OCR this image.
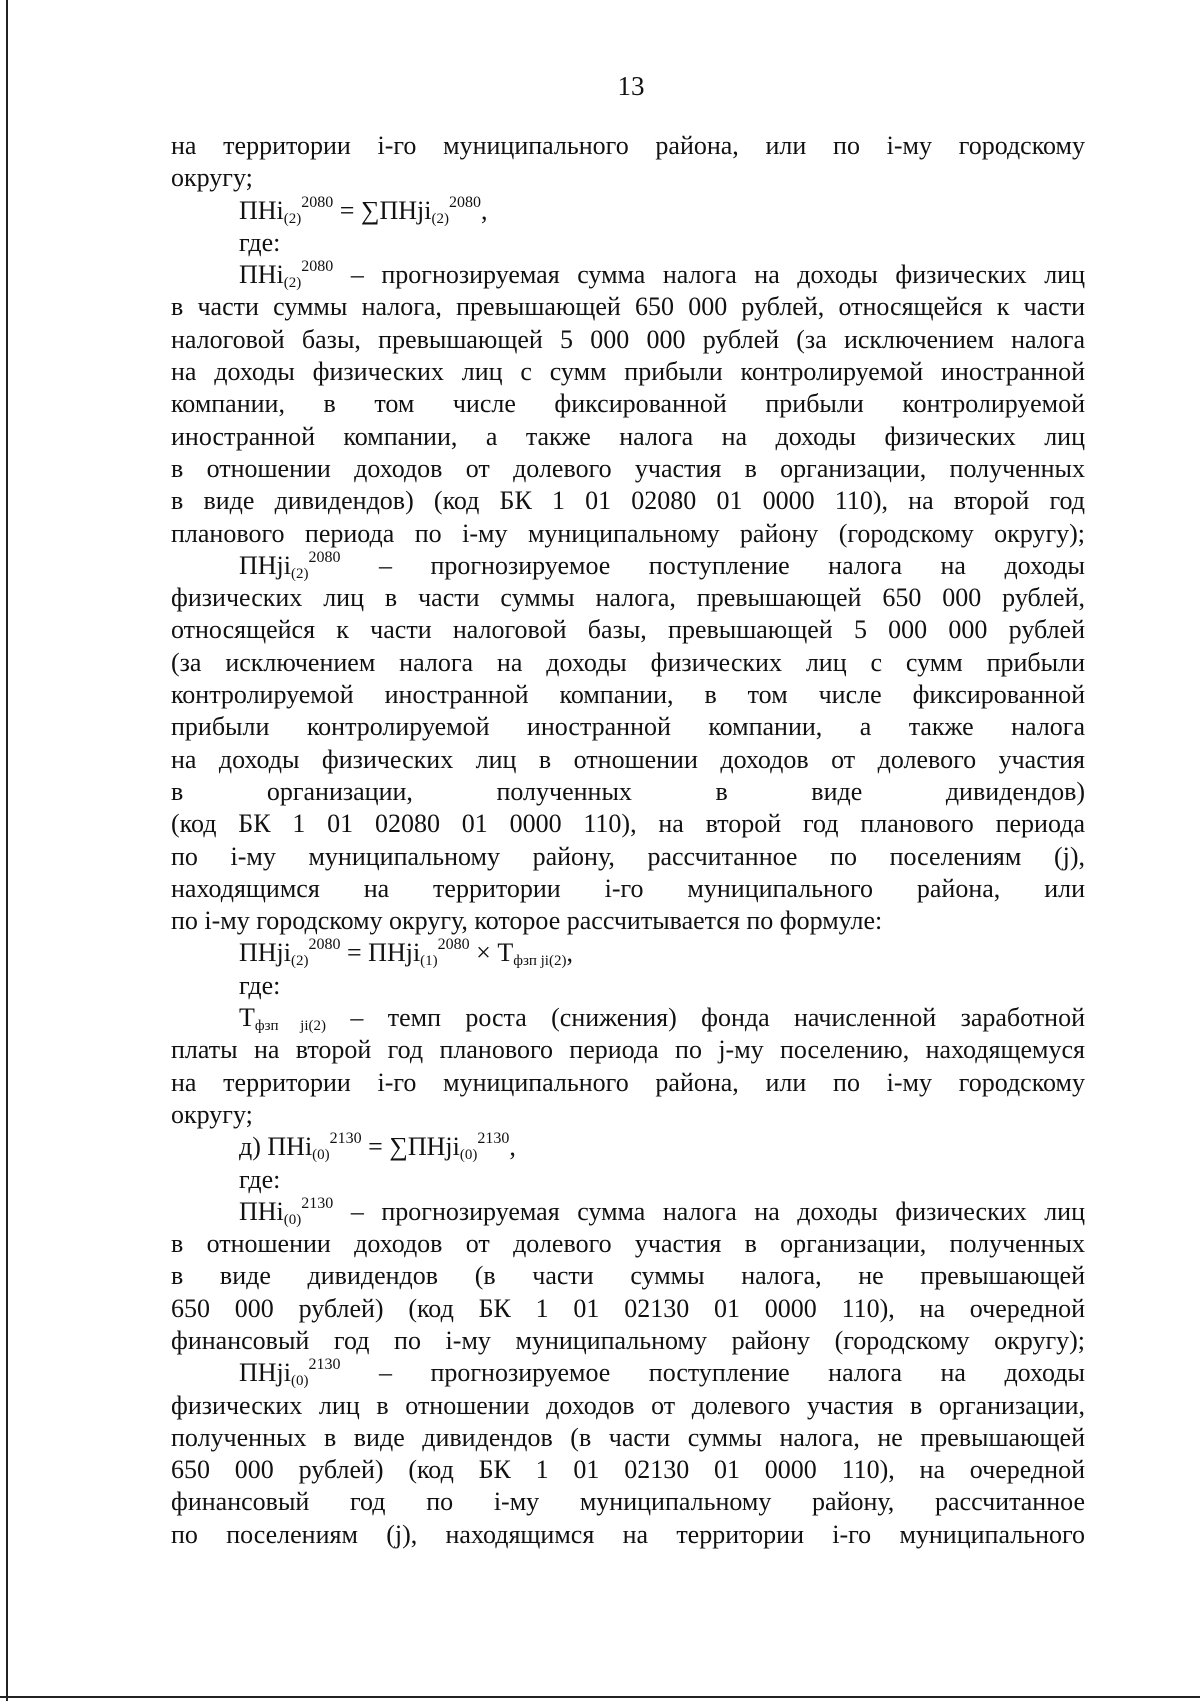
13
на территории i-го муниципального района, или по i-му городскому
округу;
ПНi$_{(2)}^{2080}$ = ∑ПНji$_{(2)}^{2080}$,
где:
ПНi$_{(2)}^{2080}$ – прогнозируемая сумма налога на доходы физических лиц
в части суммы налога, превышающей 650 000 рублей, относящейся к части
налоговой базы, превышающей 5 000 000 рублей (за исключением налога
на доходы физических лиц с сумм прибыли контролируемой иностранной
компании, в том числе фиксированной прибыли контролируемой
иностранной компании, а также налога на доходы физических лиц
в отношении доходов от долевого участия в организации, полученных
в виде дивидендов) (код БК 1 01 02080 01 0000 110), на второй год
планового периода по i-му муниципальному району (городскому округу);
ПНji$_{(2)}^{2080}$ – прогнозируемое поступление налога на доходы
физических лиц в части суммы налога, превышающей 650 000 рублей,
относящейся к части налоговой базы, превышающей 5 000 000 рублей
(за исключением налога на доходы физических лиц с сумм прибыли
контролируемой иностранной компании, в том числе фиксированной
прибыли контролируемой иностранной компании, а также налога
на доходы физических лиц в отношении доходов от долевого участия
в организации, полученных в виде дивидендов)
(код БК 1 01 02080 01 0000 110), на второй год планового периода
по i-му муниципальному району, рассчитанное по поселениям (j),
находящимся на территории i-го муниципального района, или
по i-му городскому округу, которое рассчитывается по формуле:
ПНji$_{(2)}^{2080}$ = ПНji$_{(1)}^{2080}$ × $Т_{фзп ji(2)}$,
где:
$Т_{фзп ji(2)}$ – темп роста (снижения) фонда начисленной заработной
платы на второй год планового периода по j-му поселению, находящемуся
на территории i-го муниципального района, или по i-му городскому
округу;
д) ПНi$_{(0)}^{2130}$ = ∑ПНji$_{(0)}^{2130}$,
где:
ПНi$_{(0)}^{2130}$ – прогнозируемая сумма налога на доходы физических лиц
в отношении доходов от долевого участия в организации, полученных
в виде дивидендов (в части суммы налога, не превышающей
650 000 рублей) (код БК 1 01 02130 01 0000 110), на очередной
финансовый год по i-му муниципальному району (городскому округу);
ПНji$_{(0)}^{2130}$ – прогнозируемое поступление налога на доходы
физических лиц в отношении доходов от долевого участия в организации,
полученных в виде дивидендов (в части суммы налога, не превышающей
650 000 рублей) (код БК 1 01 02130 01 0000 110), на очередной
финансовый год по i-му муниципальному району, рассчитанное
по поселениям (j), находящимся на территории i-го муниципального
